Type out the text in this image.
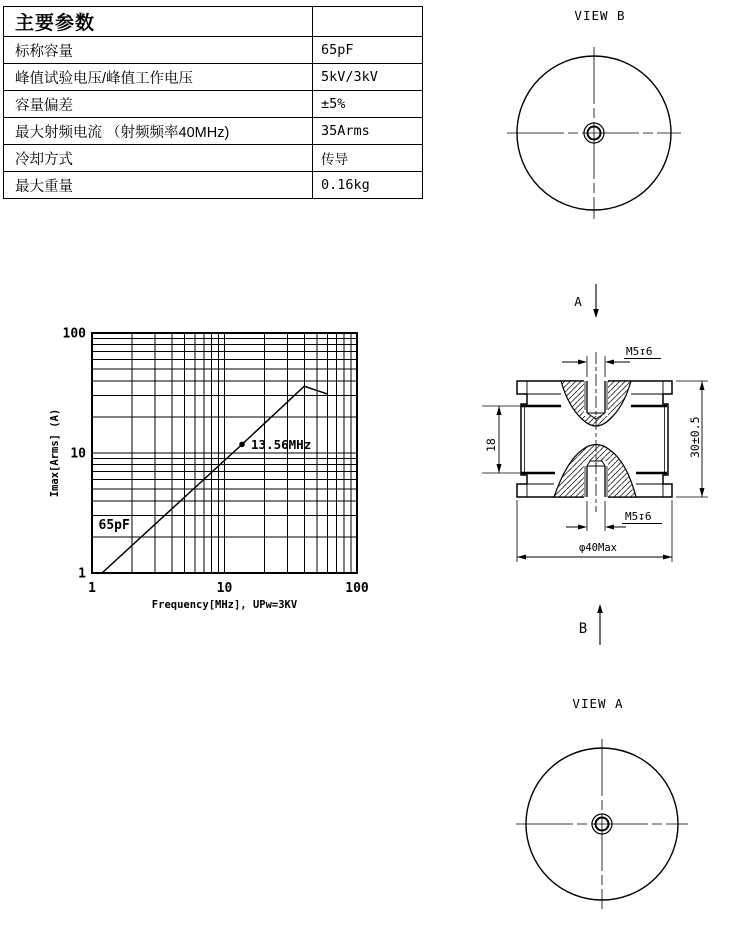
主要参数	
标称容量	65pF
峰值试验电压/峰值工作电压	5kV/3kV
容量偏差	±5%
最大射频电流 （射频频率40MHz)	35Arms
冷却方式	传导
最大重量	0.16kg
1	10	100
1
10
100
Frequency[MHz], UPw=3KV
Imax[Arms] (A)
65pF
13.56MHz
VIEW B
A
M5↧6
M5↧6
18	30±0.5
φ40Max
B
VIEW A
